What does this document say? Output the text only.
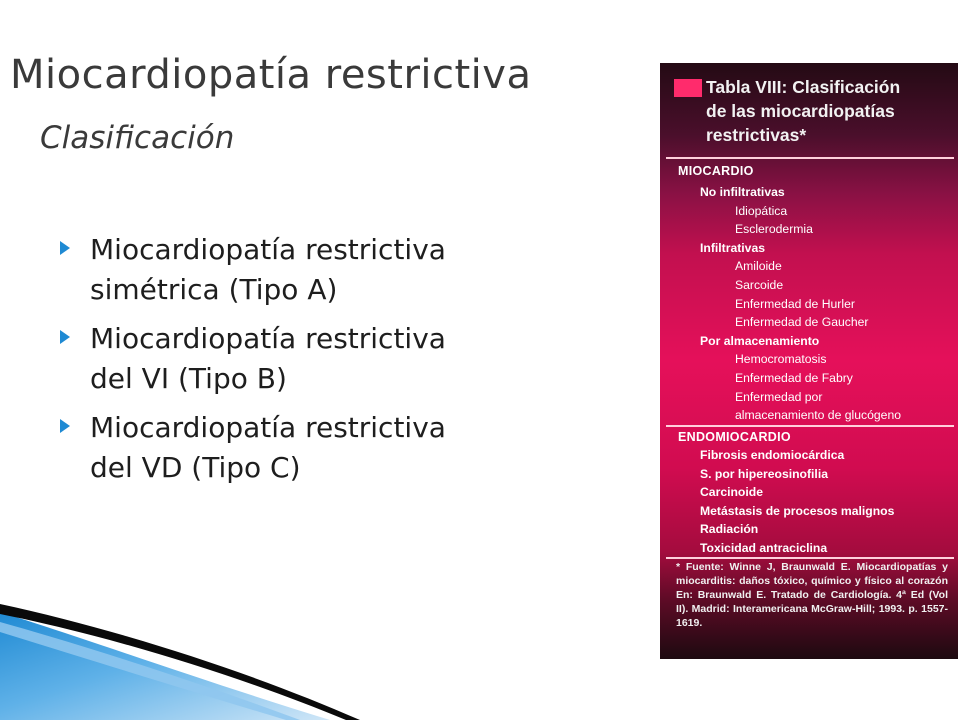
Miocardiopatía restrictiva
Clasificación
Miocardiopatía restrictiva
simétrica (Tipo A)
Miocardiopatía restrictiva
del VI (Tipo B)
Miocardiopatía restrictiva
del VD (Tipo C)
Tabla VIII: Clasificación
de las miocardiopatías
restrictivas*
MIOCARDIO
No infiltrativas
Idiopática
Esclerodermia
Infiltrativas
Amiloide
Sarcoide
Enfermedad de Hurler
Enfermedad de Gaucher
Por almacenamiento
Hemocromatosis
Enfermedad de Fabry
Enfermedad por
almacenamiento de glucógeno
ENDOMIOCARDIO
Fibrosis endomiocárdica
S. por hipereosinofilia
Carcinoide
Metástasis de procesos malignos
Radiación
Toxicidad antraciclina
* Fuente: Winne J, Braunwald E. Miocardiopatías y miocarditis: daños tóxico, químico y físico al corazón En: Braunwald E. Tratado de Cardiología. 4ª Ed (Vol II). Madrid: Interamericana McGraw-Hill; 1993. p. 1557-1619.
